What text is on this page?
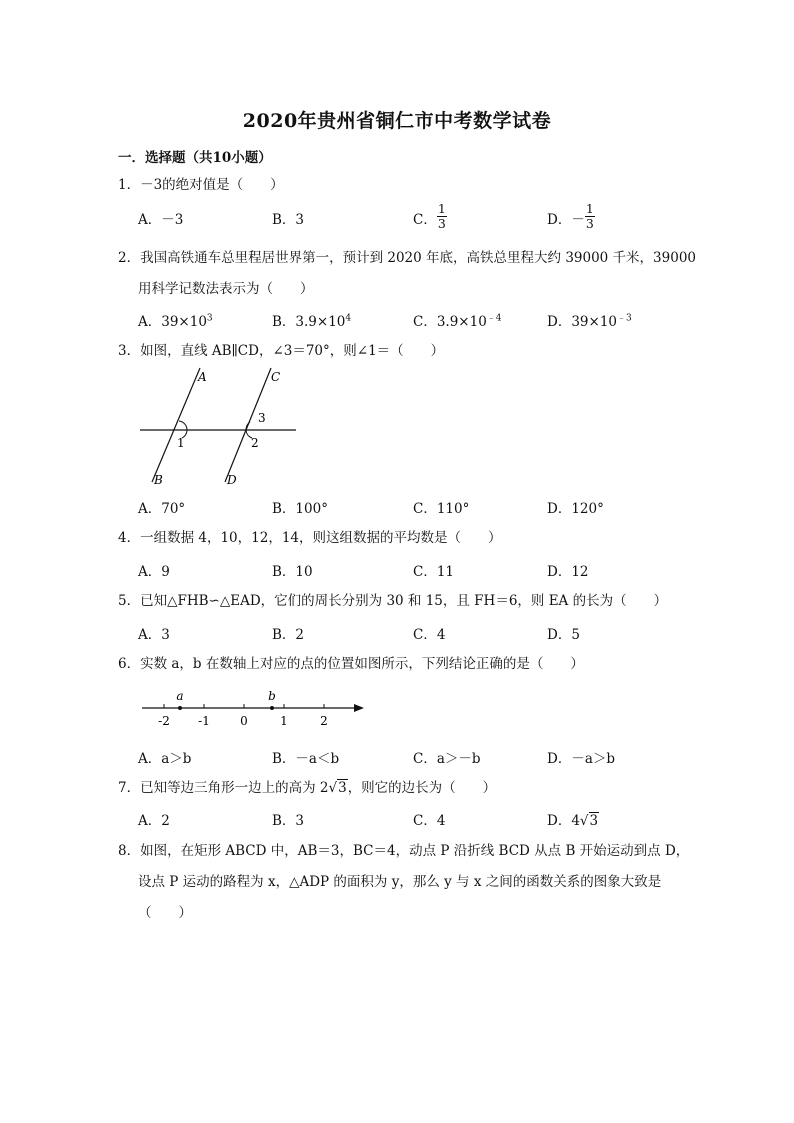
2020年贵州省铜仁市中考数学试卷
一．选择题（共10小题）
1．－3的绝对值是（　　）
A．－3	B．3	C． $\frac{1}{3}$	D．－ $\frac{1}{3}$
2．我国高铁通车总里程居世界第一，预计到 2020 年底，高铁总里程大约 39000 千米，39000
用科学记数法表示为（　　）
A．$39\times 10^3$	B．$3.9\times 10^4$	C．$3.9\times 10^{﹣4}$	D．$39\times 10^{﹣3}$
3．如图，直线 AB∥CD，∠3＝70°，则∠1＝（　　）
A	C
3
1	2
B	D
A．70°	B．100°	C．110°	D．120°
4．一组数据 4，10，12，14，则这组数据的平均数是（　　）
A．9	B．10	C．11	D．12
5．已知△FHB∽△EAD，它们的周长分别为 30 和 15，且 FH＝6，则 EA 的长为（　　）
A．3	B．2	C．4	D．5
6．实数 a，b 在数轴上对应的点的位置如图所示，下列结论正确的是（　　）
-2 -1	0	1	2
a	b
A．a＞b	B．－a＜b	C．a＞－b	D．－a＞b
7．已知等边三角形一边上的高为 2√3，则它的边长为（　　）
A．2	B．3	C．4	D．4√3
8．如图，在矩形 ABCD 中，AB＝3，BC＝4，动点 P 沿折线 BCD 从点 B 开始运动到点 D，
设点 P 运动的路程为 x，△ADP 的面积为 y，那么 y 与 x 之间的函数关系的图象大致是
（　　）
